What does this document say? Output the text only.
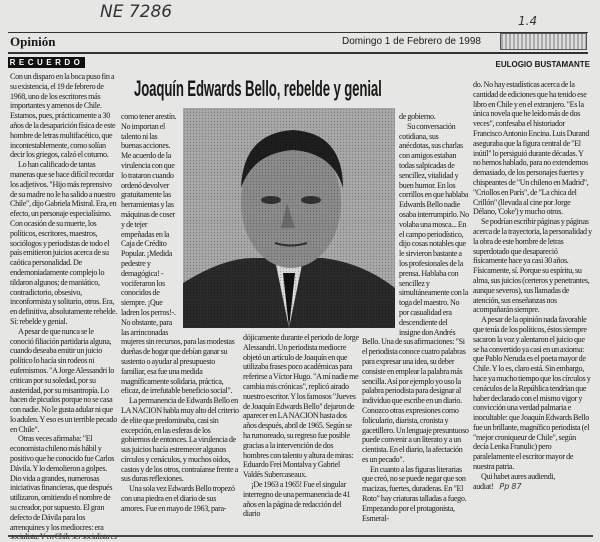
NE 7286	1.4
Opinión	Domingo 1 de Febrero de 1998
RECUERDO	EULOGIO BUSTAMANTE
Joaquín Edwards Bello, rebelde y genial

Con un disparo en la boca puso fin a su existencia, el 19 de febrero de 1968, uno de los escritores más importantes y amenos de Chile. Estamos, pues, prácticamente a 30 años de la desaparición física de este hombre de letras multifacético, que incontestablemente, como solían decir los griegos, calzó el coturno.

Lo han calificado de tantas maneras que se hace difícil recordar los adjetivos. "Hijo más reprensivo de su madre no le ha salido a nuestro Chile", dijo Gabriela Mistral. Era, en efecto, un personaje especialísimo. Con ocasión de su muerte, los políticos, escritores, maestros, sociólogos y periodistas de todo el país emitieron juicios acerca de su caótica personalidad. De endemoniadamente complejo lo tildaron algunos; de maniático, contradictorio, obsesivo, inconformista y solitario, otros. Era, en definitiva, absolutamente rebelde. Sí: rebelde y genial.

A pesar de que nunca se le conoció filiación partidaria alguna, cuando deseaba emitir un juicio político lo hacía sin rodeos ni eufemismos. "A Jorge Alessandri lo critican por su soledad, por su austeridad, por su misantropía. Lo hacen de picudos porque no se casa con nadie. No le gusta adular ni que lo adulen. Y eso es un terrible pecado en Chile".

Otras veces afirmaba: "El economista chileno más hábil y positivo que he conocido fue Carlos Dávila. Y lo demolieron a golpes. Dio vida a grandes, numerosas iniciativas financieras, que después utilizaron, omitiendo el nombre de su creador, por supuesto. El gran defecto de Dávila para los arrenquines y los mediocres: era

como tener arestín. No importan el talento ni las buenas acciones. Me acuerdo de la virulencia con que lo trataron cuando ordenó devolver gratuitamente las herramientas y las máquinas de coser y de tejer empeñadas en la Caja de Crédito Popular. ¡Medida pedestre y demagógica! -vociferaron los conocidos de siempre. ¡Que ladren los perros!-. No obstante, para las arrinconadas

mujeres sin recursos, para las modestas dueñas de hogar que debían ganar su sustento o ayudar al presupuesto familiar, esa fue una medida magníficamente solidaria, práctica, eficaz, de irrefutable beneficio social".

La permanencia de Edwards Bello en LA NACION habla muy alto del criterio de elite que predominaba, casi sin excepción, en las esferas de los gobiernos de entonces. La virulencia de sus juicios hacía estremecer algunos círculos y cenáculos, y muchos oídos, castos y de los otros, contraíanse frente a sus duras reflexiones.

Una sola vez Edwards Bello tropezó con una piedra en el diario de sus amores. Fue en mayo de 1963, para-

dójicamente durante el periodo de Jorge Alessandri. Un periodista mediocre objetó un artículo de Joaquín en que utilizaba frases poco académicas para referirse a Víctor Hugo. "A mí nadie me cambia mis crónicas", replicó airado nuestro escritor. Y los famosos "Jueves de Joaquín Edwards Bello" dejaron de aparecer en LA NACION hasta dos años después, abril de 1965. Según se ha rumoreado, su regreso fue posible gracias a la intervención de dos hombres con talento y altura de miras: Eduardo Frei Montalva y Gabriel Valdés Subercaseaux.

¡De 1963 a 1965! Fue el singular interregno de una permanencia de 41 años en la página de redacción del diario

de gobierno.

Su conversación cotidiana, sus anécdotas, sus charlas con amigos estaban todas salpicadas de sencillez, vitalidad y buen humor. En los corrillos en que hablaba Edwards Bello nadie osaba interrumpirlo. No volaba una mosca... En el campo periodístico, dijo cosas notables que le sirvieron bastante a los profesionales de la prensa. Hablaba con sencillez y simultáneamente con la toga del maestro. No por casualidad era descendiente del

insigne don Andrés Bello. Una de sus afirmaciones: "Si el periodista conoce cuatro palabras para expresar una idea, su deber consiste en emplear la palabra más sencilla. Así por ejemplo yo uso la palabra periodista para designar al individuo que escribe en un diario. Conozco otras expresiones como foliculario, diarista, cronista y gacetillero. Un lenguaje presuntuoso puede convenir a un literato y a un cientista. En el diario, la afectación es un pecado".

En cuanto a las figuras literarias que creó, no se puede negar que son macizas, fuertes, duraderas. En "El Roto" hay criaturas talladas a fuego. Empezando por el protagonista, Esmeral-

do. No hay estadísticas acerca de la cantidad de ediciones que ha tenido ese libro en Chile y en el extranjero. "Es la única novela que he leído más de dos veces", confesaba el historiador Francisco Antonio Encina. Luis Durand aseguraba que la figura central de "El inútil" lo persiguió durante décadas. Y no hemos hablado, para no extendernos demasiado, de los personajes fuertes y chispeantes de "Un chileno en Madrid", "Criollos en París", de "La chica del Crillón" (llevada al cine por Jorge Délano, 'Coke') y mucho otros.

Se podrían escribir páginas y páginas acerca de la trayectoria, la personalidad y la obra de este hombre de letras superdotado que desapareció físicamente hace ya casi 30 años. Físicamente, sí. Porque su espíritu, su alma, sus juicios (certeros y penetrantes, aunque severos), sus llamadas de atención, sus enseñanzas nos acompañarán siempre.

A pesar de la opinión nada favorable que tenía de los políticos, éstos siempre sacaron la voz y alentaron el juicio que se ha convertido ya casi en un axioma: que Pablo Neruda es el poeta mayor de Chile. Y lo es, claro está. Sin embargo, hace ya mucho tiempo que los círculos y cenáculos de la República tendrían que haber declarado con el mismo vigor y convicción una verdad palmaria e inocultable: que Joaquín Edwards Bello fue un brillante, magnífico periodista (el "mejor croniqueur de Chile", según decía Lenka Franulic) pero paralelamente el escritor mayor de nuestra patria.

Qui habet aures audiendi, audiat! Pp 87
